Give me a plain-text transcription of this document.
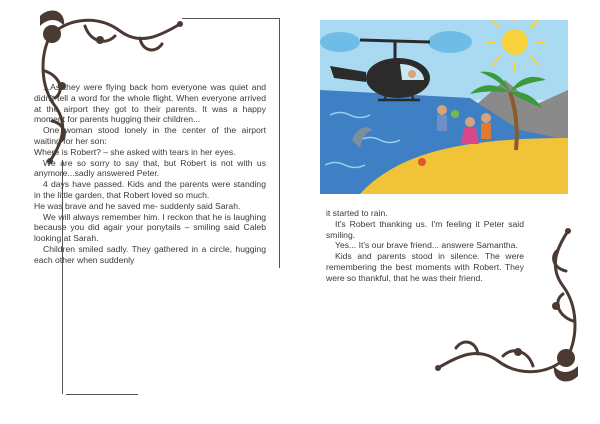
...As they were flying back hom everyone was quiet and didn't tell a word for the whole flight. When everyone arrived at the airport they got to their parents. It was a happy moment for parents hugging their children...

One woman stood lonely in the center of the airport waiting for her son:

Where is Robert? – she asked with tears in her eyes.

We are so sorry to say that, but Robert is not with us anymore...sadly answered Peter.

4 days have passed. Kids and the parents were standing in the little garden, that Robert loved so much.

He was brave and he saved me- suddenly said Sarah.

We will always remember him. I reckon that he is laughing because you did agair your ponytails – smiling said Caleb looking at Sarah.

Children smiled sadly. They gathered in a circle, hugging each other when suddenly

it started to rain.

It's Robert thanking us. I'm feeling it Peter said smiling.

Yes... It's our brave friend... answere Samantha.

Kids and parents stood in silence. The were remembering the best moments with Robert. They were so thankful, that he was their friend.
